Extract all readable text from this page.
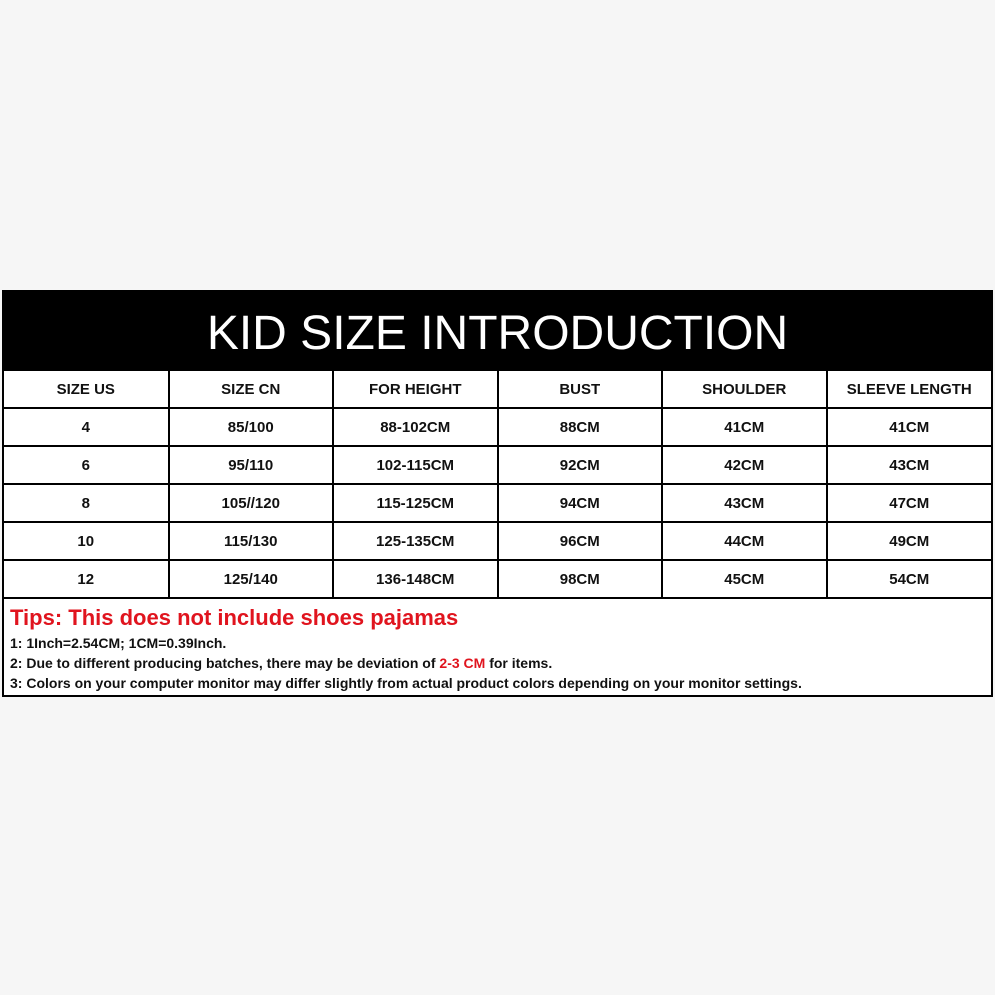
KID SIZE INTRODUCTION
SIZE US	SIZE CN	FOR HEIGHT	BUST	SHOULDER	SLEEVE LENGTH
4	85/100	88-102CM	88CM	41CM	41CM
6	95/110	102-115CM	92CM	42CM	43CM
8	105//120	115-125CM	94CM	43CM	47CM
10	115/130	125-135CM	96CM	44CM	49CM
12	125/140	136-148CM	98CM	45CM	54CM
Tips: This does not include shoes pajamas
1: 1Inch=2.54CM; 1CM=0.39Inch.
2: Due to different producing batches, there may be deviation of 2-3 CM for items.
3: Colors on your computer monitor may differ slightly from actual product colors depending on your monitor settings.
